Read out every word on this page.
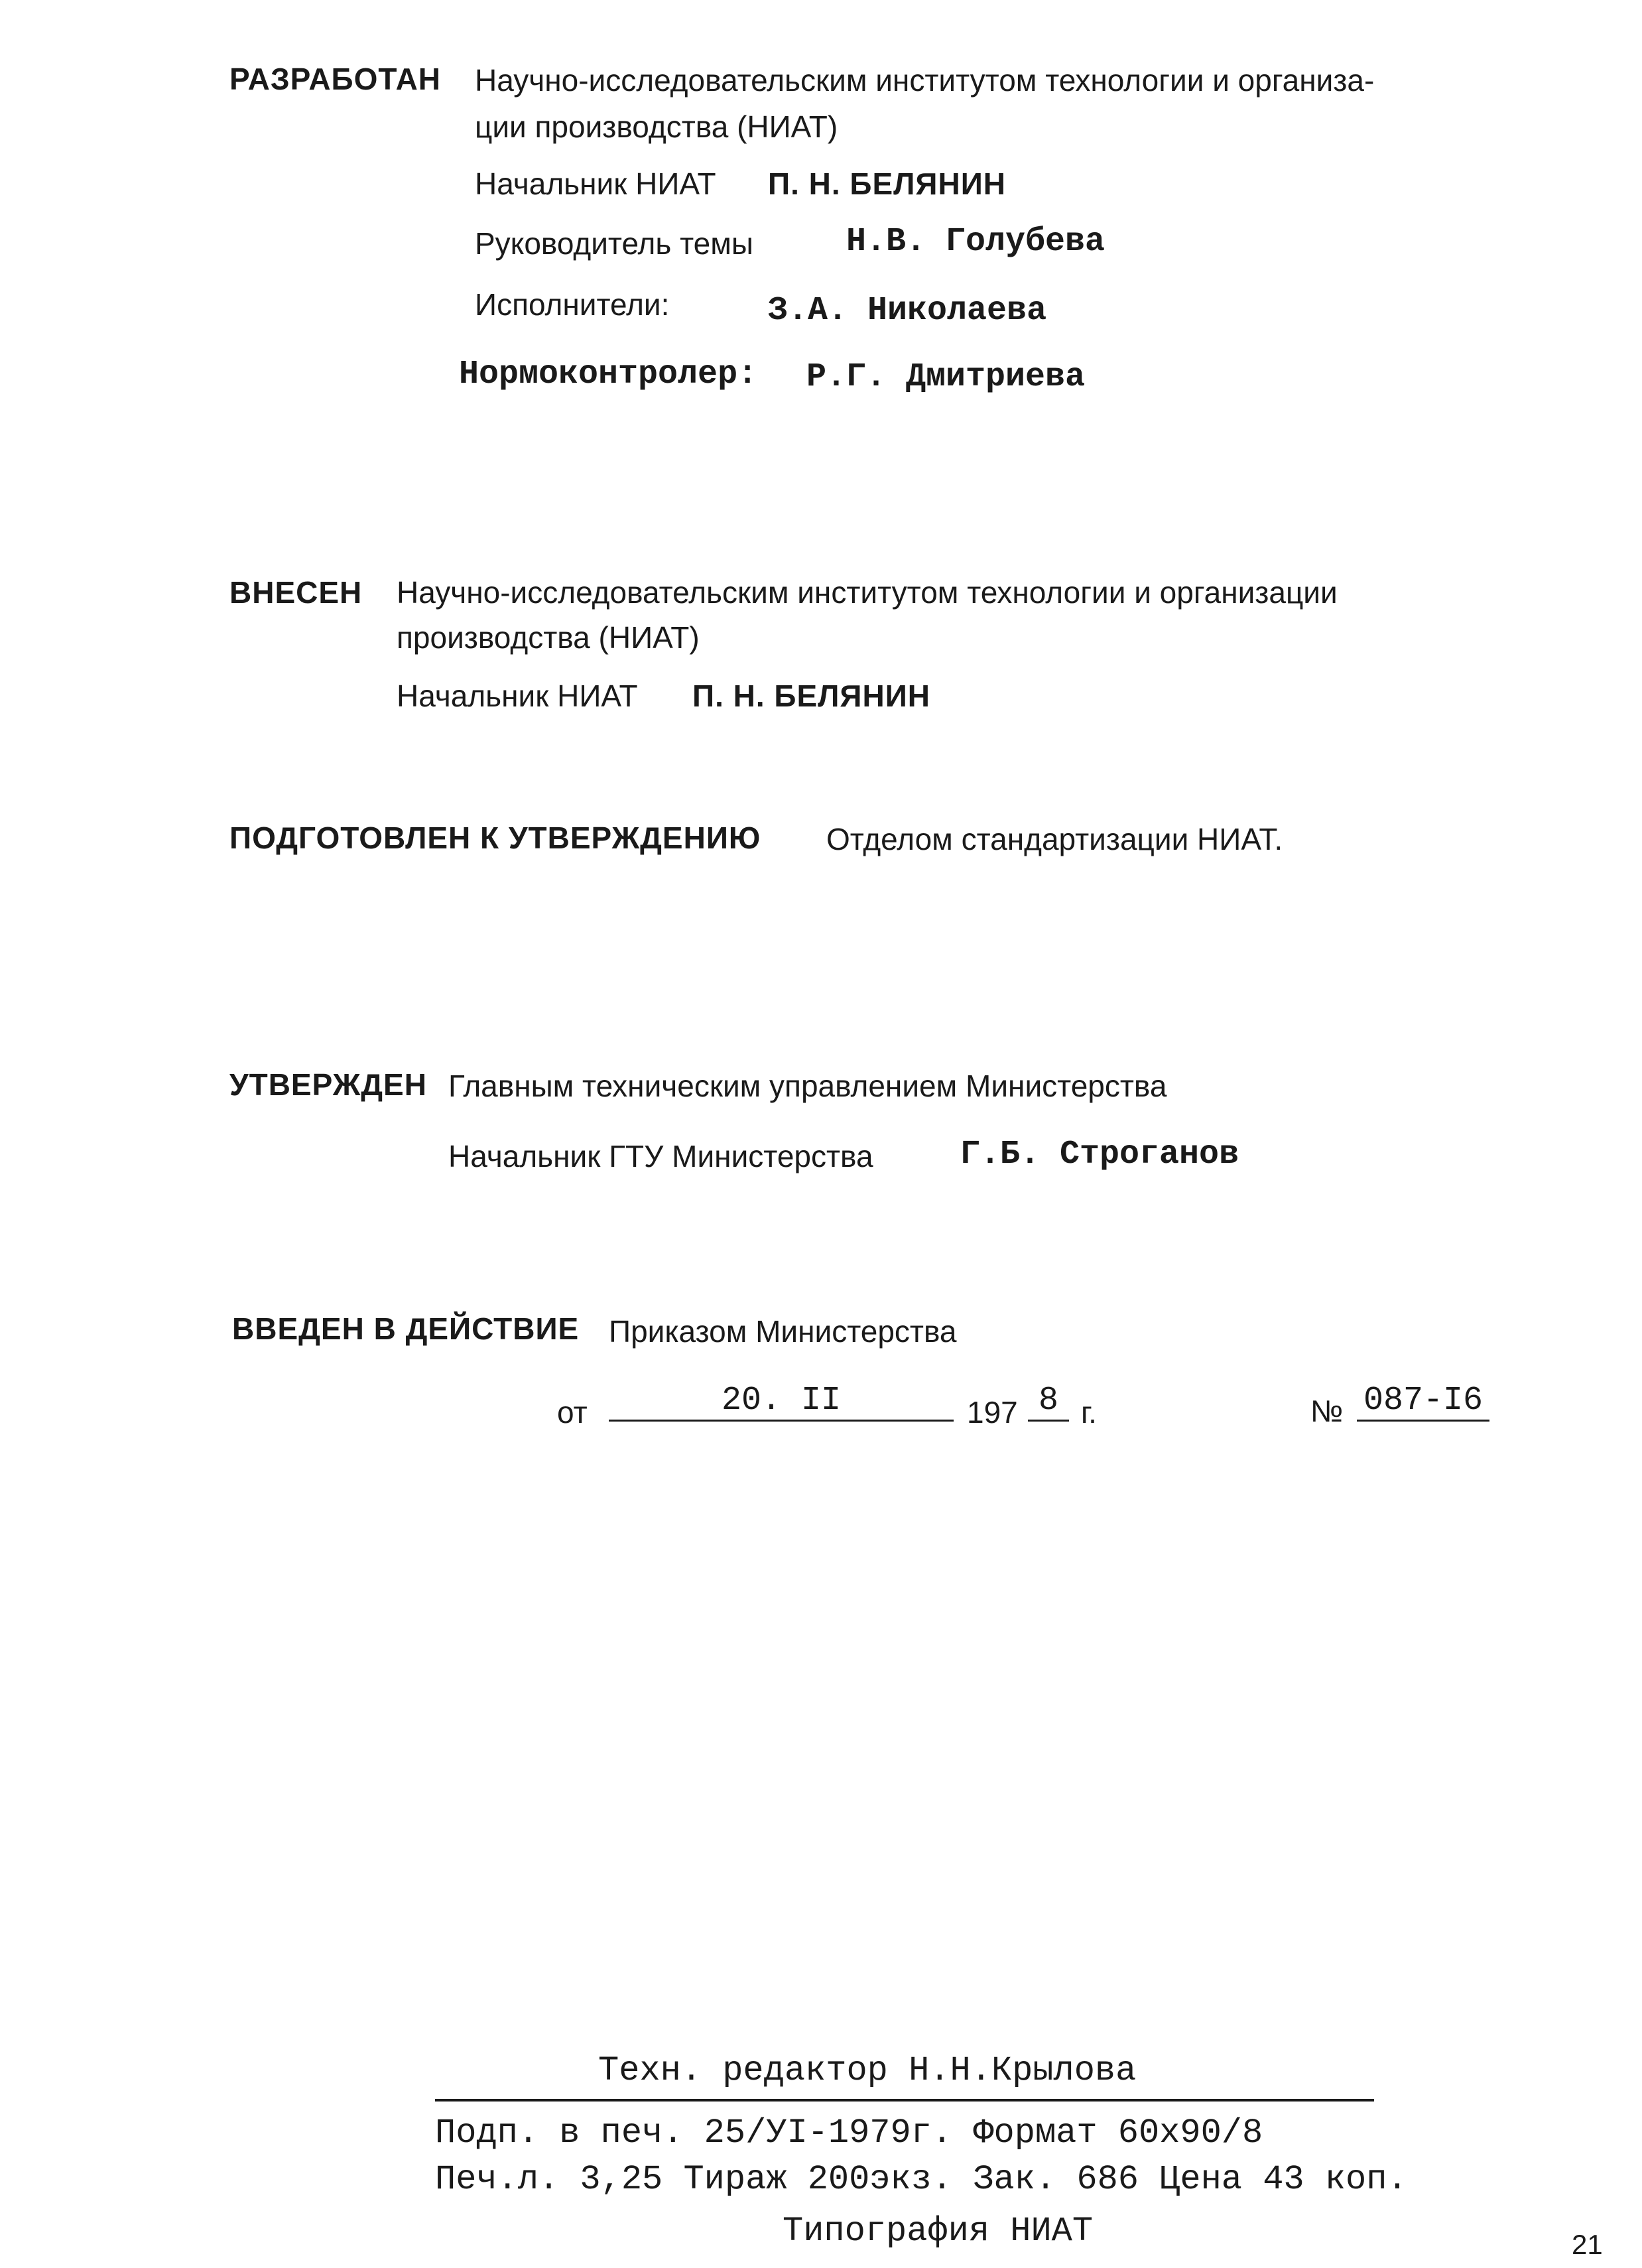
РАЗРАБОТАН Научно-исследовательским институтом технологии и организа-
ции производства (НИАТ)
Начальник НИАТ П. Н. БЕЛЯНИН
Руководитель темы	Н.В. Голубева
Исполнители:	З.А. Николаева
Нормоконтролер: Р.Г. Дмитриева
ВНЕСЕН Научно-исследовательским институтом технологии и организации
производства (НИАТ)
Начальник НИАТ П. Н. БЕЛЯНИН
ПОДГОТОВЛЕН К УТВЕРЖДЕНИЮ Отделом стандартизации НИАТ.
УТВЕРЖДЕН Главным техническим управлением Министерства
Начальник ГТУ Министерства	Г.Б. Строганов
ВВЕДЕН В ДЕЙСТВИЕ Приказом Министерства
от	20. II	197 8 г.	№ 087-I6
Техн. редактор Н.Н.Крылова
Подп. в печ. 25/УI-1979г. Формат 60х90/8
Печ.л. 3,25 Тираж 200экз. Зак. 686 Цена 43 коп.
Типография НИАТ	21
